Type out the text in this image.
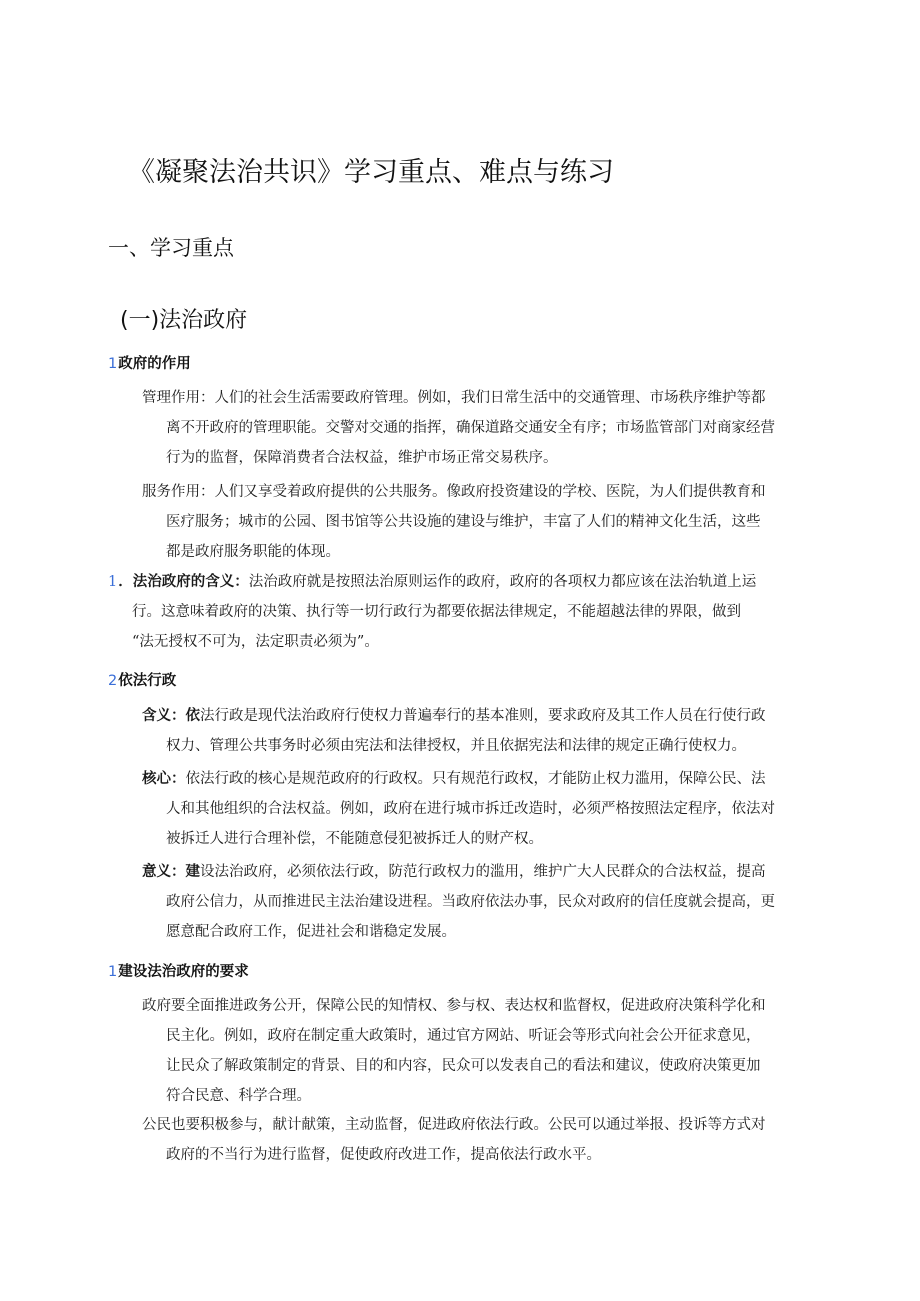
《凝聚法治共识》学习重点、难点与练习
一、学习重点
(一)法治政府
1政府的作用

管理作用：人们的社会生活需要政府管理。例如，我们日常生活中的交通管理、市场秩序维护等都

离不开政府的管理职能。交警对交通的指挥，确保道路交通安全有序；市场监管部门对商家经营

行为的监督，保障消费者合法权益，维护市场正常交易秩序。

服务作用：人们又享受着政府提供的公共服务。像政府投资建设的学校、医院，为人们提供教育和

医疗服务；城市的公园、图书馆等公共设施的建设与维护，丰富了人们的精神文化生活，这些

都是政府服务职能的体现。

1．法治政府的含义：法治政府就是按照法治原则运作的政府，政府的各项权力都应该在法治轨道上运

行。这意味着政府的决策、执行等一切行政行为都要依据法律规定，不能超越法律的界限，做到

“法无授权不可为，法定职责必须为”。

2依法行政

含义：依法行政是现代法治政府行使权力普遍奉行的基本准则，要求政府及其工作人员在行使行政

权力、管理公共事务时必须由宪法和法律授权，并且依据宪法和法律的规定正确行使权力。

核心：依法行政的核心是规范政府的行政权。只有规范行政权，才能防止权力滥用，保障公民、法

人和其他组织的合法权益。例如，政府在进行城市拆迁改造时，必须严格按照法定程序，依法对

被拆迁人进行合理补偿，不能随意侵犯被拆迁人的财产权。

意义：建设法治政府，必须依法行政，防范行政权力的滥用，维护广大人民群众的合法权益，提高

政府公信力，从而推进民主法治建设进程。当政府依法办事，民众对政府的信任度就会提高，更

愿意配合政府工作，促进社会和谐稳定发展。

1建设法治政府的要求

政府要全面推进政务公开，保障公民的知情权、参与权、表达权和监督权，促进政府决策科学化和

民主化。例如，政府在制定重大政策时，通过官方网站、听证会等形式向社会公开征求意见，

让民众了解政策制定的背景、目的和内容，民众可以发表自己的看法和建议，使政府决策更加

符合民意、科学合理。

公民也要积极参与，献计献策，主动监督，促进政府依法行政。公民可以通过举报、投诉等方式对

政府的不当行为进行监督，促使政府改进工作，提高依法行政水平。
